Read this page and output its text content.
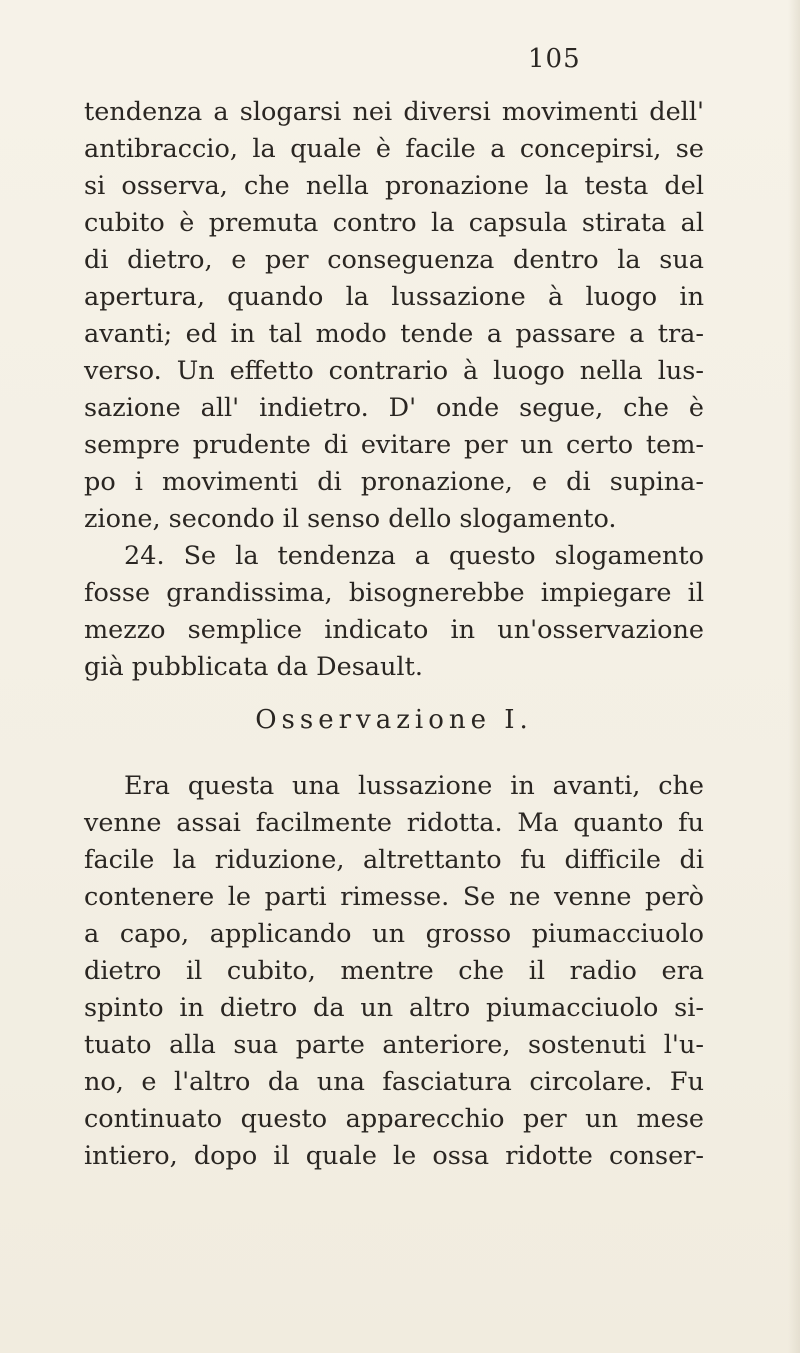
105
tendenza a slogarsi nei diversi movimenti dell'
antibraccio, la quale è facile a concepirsi, se
si osserva, che nella pronazione la testa del
cubito è premuta contro la capsula stirata al
di dietro, e per conseguenza dentro la sua
apertura, quando la lussazione à luogo in
avanti; ed in tal modo tende a passare a tra-
verso. Un effetto contrario à luogo nella lus-
sazione all' indietro. D' onde segue, che è
sempre prudente di evitare per un certo tem-
po i movimenti di pronazione, e di supina-
zione, secondo il senso dello slogamento.
24. Se la tendenza a questo slogamento
fosse grandissima, bisognerebbe impiegare il
mezzo semplice indicato in un'osservazione
già pubblicata da Desault.
Osservazione I.
Era questa una lussazione in avanti, che
venne assai facilmente ridotta. Ma quanto fu
facile la riduzione, altrettanto fu difficile di
contenere le parti rimesse. Se ne venne però
a capo, applicando un grosso piumacciuolo
dietro il cubito, mentre che il radio era
spinto in dietro da un altro piumacciuolo si-
tuato alla sua parte anteriore, sostenuti l'u-
no, e l'altro da una fasciatura circolare. Fu
continuato questo apparecchio per un mese
intiero, dopo il quale le ossa ridotte conser-
